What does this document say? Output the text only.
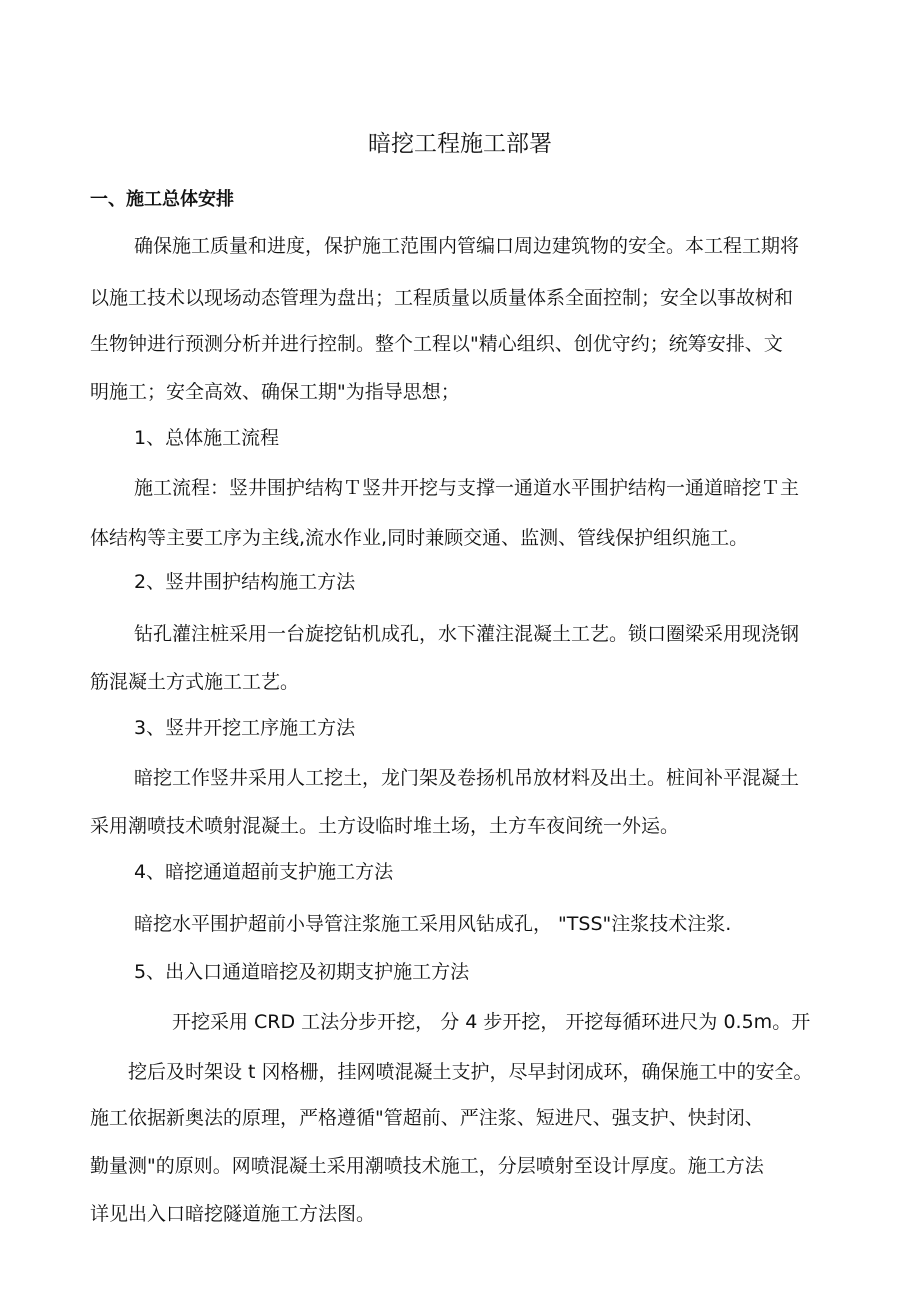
暗挖工程施工部署
一、施工总体安排
确保施工质量和进度，保护施工范围内管编口周边建筑物的安全。本工程工期将
以施工技术以现场动态管理为盘出；工程质量以质量体系全面控制；安全以事故树和
生物钟进行预测分析并进行控制。整个工程以"精心组织、创优守约；统筹安排、文
明施工；安全高效、确保工期"为指导思想；
1、总体施工流程
施工流程：竖井围护结构Ｔ竖井开挖与支撑一通道水平围护结构一通道暗挖Ｔ主
体结构等主要工序为主线,流水作业,同时兼顾交通、监测、管线保护组织施工。
2、竖井围护结构施工方法
钻孔灌注桩采用一台旋挖钻机成孔，水下灌注混凝土工艺。锁口圈梁采用现浇钢
筋混凝土方式施工工艺。
3、竖井开挖工序施工方法
暗挖工作竖井采用人工挖土，龙门架及卷扬机吊放材料及出土。桩间补平混凝土
采用潮喷技术喷射混凝土。土方设临时堆土场，土方车夜间统一外运。
4、暗挖通道超前支护施工方法
暗挖水平围护超前小导管注浆施工采用风钻成孔， "TSS"注浆技术注浆.
5、出入口通道暗挖及初期支护施工方法
开挖采用 CRD 工法分步开挖， 分 4 步开挖， 开挖每循环进尺为 0.5m。开
挖后及时架设 t 冈格栅，挂网喷混凝土支护，尽早封闭成环，确保施工中的安全。
施工依据新奥法的原理，严格遵循"管超前、严注浆、短进尺、强支护、快封闭、
勤量测"的原则。网喷混凝土采用潮喷技术施工，分层喷射至设计厚度。施工方法
详见出入口暗挖隧道施工方法图。
